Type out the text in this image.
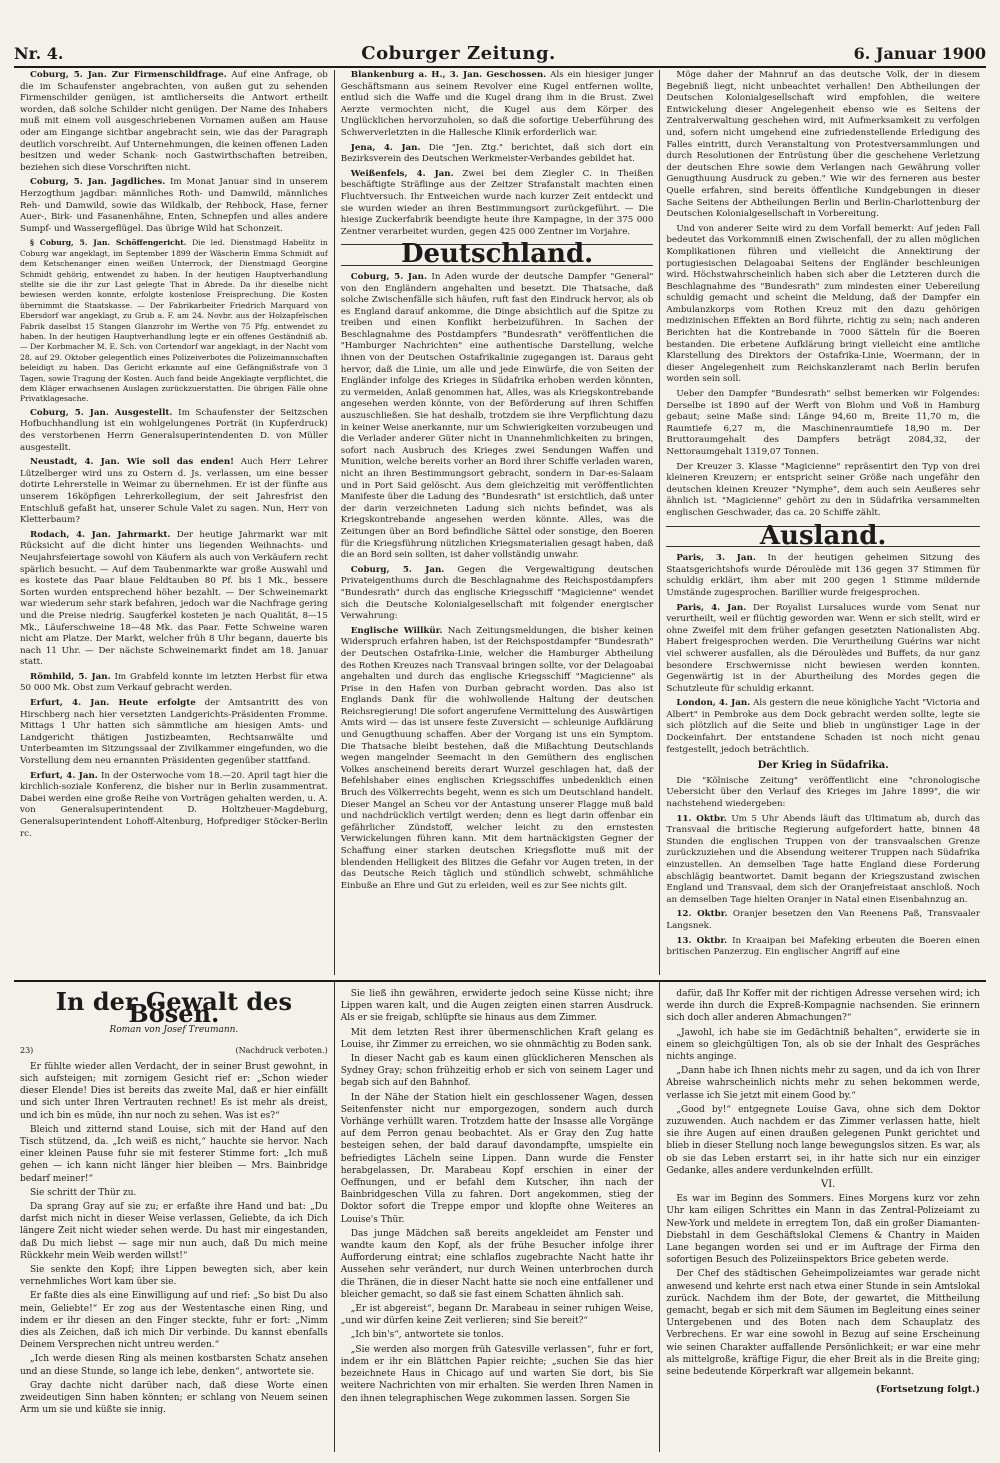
Nr. 4.	Coburger Zeitung.	6. Januar 1900

Coburg, 5. Jan. Zur Firmenschildfrage. Auf eine Anfrage, ob die im Schaufenster angebrachten, von außen gut zu sehenden Firmenschilder genügen, ist amtlicherseits die Antwort ertheilt worden, daß solche Schilder nicht genügen. Der Name des Inhabers muß mit einem voll ausgeschriebenen Vornamen außen am Hause oder am Eingange sichtbar angebracht sein, wie das der Paragraph deutlich vorschreibt. Auf Unternehmungen, die keinen offenen Laden besitzen und weder Schank- noch Gastwirthschaften betreiben, beziehen sich diese Vorschriften nicht.

Coburg, 5. Jan. Jagdliches. Im Monat Januar sind in unserem Herzogthum jagdbar: männliches Roth- und Damwild, männliches Reh- und Damwild, sowie das Wildkalb, der Rehbock, Hase, ferner Auer-, Birk- und Fasanenhähne, Enten, Schnepfen und alles andere Sumpf- und Wassergeflügel. Das übrige Wild hat Schonzeit.

§ Coburg, 5. Jan. Schöffengericht. Die led. Dienstmagd Habelitz in Coburg war angeklagt, im September 1899 der Wäscherin Emma Schmidt auf dem Ketschenanger einen weißen Unterrock, der Dienstmagd Georgine Schmidt gehörig, entwendet zu haben. In der heutigen Hauptverhandlung stellte sie die ihr zur Last gelegte That in Abrede. Da ihr dieselbe nicht bewiesen werden konnte, erfolgte kostenlose Freisprechung. Die Kosten übernimmt die Staatskasse. — Der Fabrikarbeiter Friedrich Marquard von Ebersdorf war angeklagt, zu Grub a. F. am 24. Novbr. aus der Holzapfelschen Fabrik daselbst 15 Stangen Glanzrohr im Werthe von 75 Pfg. entwendet zu haben. In der heutigen Hauptverhandlung legte er ein offenes Geständniß ab. — Der Korbmacher M. E. Sch. von Cortendorf war angeklagt, in der Nacht vom 28. auf 29. Oktober gelegentlich eines Polizeiverbotes die Polizeimannschaften beleidigt zu haben. Das Gericht erkannte auf eine Gefängnißstrafe von 3 Tagen, sowie Tragung der Kosten. Auch fand beide Angeklagte verpflichtet, die dem Kläger erwachsenen Auslagen zurückzuerstatten. Die übrigen Fälle ohne Privatklagesache.

Coburg, 5. Jan. Ausgestellt. Im Schaufenster der Seitzschen Hofbuchhandlung ist ein wohlgelungenes Porträt (in Kupferdruck) des verstorbenen Herrn Generalsuperintendenten D. von Müller ausgestellt.

Neustadt, 4. Jan. Wie soll das enden! Auch Herr Lehrer Lützelberger wird uns zu Ostern d. Js. verlassen, um eine besser dotirte Lehrerstelle in Weimar zu übernehmen. Er ist der fünfte aus unserem 16köpfigen Lehrerkollegium, der seit Jahresfrist den Entschluß gefaßt hat, unserer Schule Valet zu sagen. Nun, Herr von Kletterbaum?

Rodach, 4. Jan. Jahrmarkt. Der heutige Jahrmarkt war mit Rücksicht auf die dicht hinter uns liegenden Weihnachts- und Neujahrsfeiertage sowohl von Käufern als auch von Verkäufern recht spärlich besucht. — Auf dem Taubenmarkte war große Auswahl und es kostete das Paar blaue Feldtauben 80 Pf. bis 1 Mk., bessere Sorten wurden entsprechend höher bezahlt. — Der Schweinemarkt war wiederum sehr stark befahren, jedoch war die Nachfrage gering und die Preise niedrig. Saugferkel kosteten je nach Qualität, 8—15 Mk., Läuferschweine 18—48 Mk. das Paar. Fette Schweine waren nicht am Platze. Der Markt, welcher früh 8 Uhr begann, dauerte bis nach 11 Uhr. — Der nächste Schweinemarkt findet am 18. Januar statt.

Römhild, 5. Jan. Im Grabfeld konnte im letzten Herbst für etwa 50 000 Mk. Obst zum Verkauf gebracht werden.

Erfurt, 4. Jan. Heute erfolgte der Amtsantritt des von Hirschberg nach hier versetzten Landgerichts-Präsidenten Fromme. Mittags 1 Uhr hatten sich sämmtliche am hiesigen Amts- und Landgericht thätigen Justizbeamten, Rechtsanwälte und Unterbeamten im Sitzungssaal der Zivilkammer eingefunden, wo die Vorstellung dem neu ernannten Präsidenten gegenüber stattfand.

Erfurt, 4. Jan. In der Osterwoche vom 18.—20. April tagt hier die kirchlich-soziale Konferenz, die bisher nur in Berlin zusammentrat. Dabei werden eine große Reihe von Vorträgen gehalten werden, u. A. von Generalsuperintendent D. Holtzheuer-Magdeburg, Generalsuperintendent Lohoff-Altenburg, Hofprediger Stöcker-Berlin rc.

Blankenburg a. H., 3. Jan. Geschossen. Als ein hiesiger junger Geschäftsmann aus seinem Revolver eine Kugel entfernen wollte, entlud sich die Waffe und die Kugel drang ihm in die Brust. Zwei Aerzte vermochten nicht, die Kugel aus dem Körper des Unglücklichen hervorzuholen, so daß die sofortige Ueberführung des Schwerverletzten in die Hallesche Klinik erforderlich war.

Jena, 4. Jan. Die "Jen. Ztg." berichtet, daß sich dort ein Bezirksverein des Deutschen Werkmeister-Verbandes gebildet hat.

Weißenfels, 4. Jan. Zwei bei dem Ziegler C. in Theißen beschäftigte Sträflinge aus der Zeitzer Strafanstalt machten einen Fluchtversuch. Ihr Entweichen wurde nach kurzer Zeit entdeckt und sie wurden wieder an ihren Bestimmungsort zurückgeführt. — Die hiesige Zuckerfabrik beendigte heute ihre Kampagne, in der 375 000 Zentner verarbeitet wurden, gegen 425 000 Zentner im Vorjahre.

Deutschland.

Coburg, 5. Jan. In Aden wurde der deutsche Dampfer "General" von den Engländern angehalten und besetzt. Die Thatsache, daß solche Zwischenfälle sich häufen, ruft fast den Eindruck hervor, als ob es England darauf ankomme, die Dinge absichtlich auf die Spitze zu treiben und einen Konflikt herbeizuführen. In Sachen der Beschlagnahme des Postdampfers "Bundesrath" veröffentlichen die "Hamburger Nachrichten" eine authentische Darstellung, welche ihnen von der Deutschen Ostafrikalinie zugegangen ist. Daraus geht hervor, daß die Linie, um alle und jede Einwürfe, die von Seiten der Engländer infolge des Krieges in Südafrika erhoben werden könnten, zu vermeiden, Anlaß genommen hat, Alles, was als Kriegskontrebande angesehen werden könnte, von der Beförderung auf ihren Schiffen auszuschließen. Sie hat deshalb, trotzdem sie ihre Verpflichtung dazu in keiner Weise anerkannte, nur um Schwierigkeiten vorzubeugen und die Verlader anderer Güter nicht in Unannehmlichkeiten zu bringen, sofort nach Ausbruch des Krieges zwei Sendungen Waffen und Munition, welche bereits vorher an Bord ihrer Schiffe verladen waren, nicht an ihren Bestimmungsort gebracht, sondern in Dar-es-Salaam und in Port Said gelöscht. Aus dem gleichzeitig mit veröffentlichten Manifeste über die Ladung des "Bundesrath" ist ersichtlich, daß unter der darin verzeichneten Ladung sich nichts befindet, was als Kriegskontrebande angesehen werden könnte. Alles, was die Zeitungen über an Bord befindliche Sättel oder sonstige, den Boeren für die Kriegsführung nützlichen Kriegsmaterialien gesagt haben, daß die an Bord sein sollten, ist daher vollständig unwahr.

Coburg, 5. Jan. Gegen die Vergewaltigung deutschen Privateigenthums durch die Beschlagnahme des Reichspostdampfers "Bundesrath" durch das englische Kriegsschiff "Magicienne" wendet sich die Deutsche Kolonialgesellschaft mit folgender energischer Verwahrung:

Englische Willkür. Nach Zeitungsmeldungen, die bisher keinen Widerspruch erfahren haben, ist der Reichspostdampfer "Bundesrath" der Deutschen Ostafrika-Linie, welcher die Hamburger Abtheilung des Rothen Kreuzes nach Transvaal bringen sollte, vor der Delagoabai angehalten und durch das englische Kriegsschiff "Magicienne" als Prise in den Hafen von Durban gebracht worden. Das also ist Englands Dank für die wohlwollende Haltung der deutschen Reichsregierung! Die sofort angerufene Vermittelung des Auswärtigen Amts wird — das ist unsere feste Zuversicht — schleunige Aufklärung und Genugthuung schaffen. Aber der Vorgang ist uns ein Symptom. Die Thatsache bleibt bestehen, daß die Mißachtung Deutschlands wegen mangelnder Seemacht in den Gemüthern des englischen Volkes anscheinend bereits derart Wurzel geschlagen hat, daß der Befehlshaber eines englischen Kriegsschiffes unbedenklich einen Bruch des Völkerrechts begeht, wenn es sich um Deutschland handelt. Dieser Mangel an Scheu vor der Antastung unserer Flagge muß bald und nachdrücklich vertilgt werden; denn es liegt darin offenbar ein gefährlicher Zündstoff, welcher leicht zu den ernstesten Verwickelungen führen kann. Mit dem hartnäckigsten Gegner der Schaffung einer starken deutschen Kriegsflotte muß mit der blendenden Helligkeit des Blitzes die Gefahr vor Augen treten, in der das Deutsche Reich täglich und stündlich schwebt, schmähliche Einbuße an Ehre und Gut zu erleiden, weil es zur See nichts gilt.

Möge daher der Mahnruf an das deutsche Volk, der in diesem Begebniß liegt, nicht unbeachtet verhallen! Den Abtheilungen der Deutschen Kolonialgesellschaft wird empfohlen, die weitere Entwickelung dieser Angelegenheit ebenso wie es Seitens der Zentralverwaltung geschehen wird, mit Aufmerksamkeit zu verfolgen und, sofern nicht umgehend eine zufriedenstellende Erledigung des Falles eintritt, durch Veranstaltung von Protestversammlungen und durch Resolutionen der Entrüstung über die geschehene Verletzung der deutschen Ehre sowie dem Verlangen nach Gewährung voller Genugthuung Ausdruck zu geben." Wie wir des ferneren aus bester Quelle erfahren, sind bereits öffentliche Kundgebungen in dieser Sache Seitens der Abtheilungen Berlin und Berlin-Charlottenburg der Deutschen Kolonialgesellschaft in Vorbereitung.

Und von anderer Seite wird zu dem Vorfall bemerkt: Auf jeden Fall bedeutet das Vorkommniß einen Zwischenfall, der zu allen möglichen Komplikationen führen und vielleicht die Annektirung der portugiesischen Delagoabai Seitens der Engländer beschleunigen wird. Höchstwahrscheinlich haben sich aber die Letzteren durch die Beschlagnahme des "Bundesrath" zum mindesten einer Uebereilung schuldig gemacht und scheint die Meldung, daß der Dampfer ein Ambulanzkorps vom Rothen Kreuz mit den dazu gehörigen medizinischen Effekten an Bord führte, richtig zu sein; nach anderen Berichten hat die Kontrebande in 7000 Sätteln für die Boeren bestanden. Die erbetene Aufklärung bringt vielleicht eine amtliche Klarstellung des Direktors der Ostafrika-Linie, Woermann, der in dieser Angelegenheit zum Reichskanzleramt nach Berlin berufen worden sein soll.

Ueber den Dampfer "Bundesrath" selbst bemerken wir Folgendes: Derselbe ist 1890 auf der Werft von Blohm und Voß in Hamburg gebaut; seine Maße sind: Länge 94,60 m, Breite 11,70 m, die Raumtiefe 6,27 m, die Maschinenraumtiefe 18,90 m. Der Bruttoraumgehalt des Dampfers beträgt 2084,32, der Nettoraumgehalt 1319,07 Tonnen.

Der Kreuzer 3. Klasse "Magicienne" repräsentirt den Typ von drei kleineren Kreuzern; er entspricht seiner Größe nach ungefähr den deutschen kleinen Kreuzer "Nymphe", dem auch sein Aeußeres sehr ähnlich ist. "Magicienne" gehört zu den in Südafrika versammelten englischen Geschwader, das ca. 20 Schiffe zählt.

Ausland.

Paris, 3. Jan. In der heutigen geheimen Sitzung des Staatsgerichtshofs wurde Déroulède mit 136 gegen 37 Stimmen für schuldig erklärt, ihm aber mit 200 gegen 1 Stimme mildernde Umstände zugesprochen. Barillier wurde freigesprochen.

Paris, 4. Jan. Der Royalist Lursaluces wurde vom Senat nur verurtheilt, weil er flüchtig geworden war. Wenn er sich stellt, wird er ohne Zweifel mit dem früher gefangen gesetzten Nationalisten Abg. Habert freigesprochen werden. Die Verurtheilung Guérins war nicht viel schwerer ausfallen, als die Déroulèdes und Buffets, da nur ganz besondere Erschwernisse nicht bewiesen werden konnten. Gegenwärtig ist in der Aburtheilung des Mordes gegen die Schutzleute für schuldig erkannt.

London, 4. Jan. Als gestern die neue königliche Yacht "Victoria and Albert" in Pembroke aus dem Dock gebracht werden sollte, legte sie sich plötzlich auf die Seite und blieb in ungünstiger Lage in der Dockeinfahrt. Der entstandene Schaden ist noch nicht genau festgestellt, jedoch beträchtlich.

Der Krieg in Südafrika.

Die "Kölnische Zeitung" veröffentlicht eine "chronologische Uebersicht über den Verlauf des Krieges im Jahre 1899", die wir nachstehend wiedergeben:

11. Oktbr. Um 5 Uhr Abends läuft das Ultimatum ab, durch das Transvaal die britische Regierung aufgefordert hatte, binnen 48 Stunden die englischen Truppen von der transvaalschen Grenze zurückzuziehen und die Absendung weiterer Truppen nach Südafrika einzustellen. An demselben Tage hatte England diese Forderung abschlägig beantwortet. Damit begann der Kriegszustand zwischen England und Transvaal, dem sich der Oranjefreistaat anschloß. Noch an demselben Tage hielten Oranjer in Natal einen Eisenbahnzug an.

12. Oktbr. Oranjer besetzen den Van Reenens Paß, Transvaaler Langsnek.

13. Oktbr. In Kraaipan bei Mafeking erbeuten die Boeren einen britischen Panzerzug. Ein englischer Angriff auf eine

In der Gewalt des Bösen.
Roman von Josef Treumann.
23)	(Nachdruck verboten.)

Er fühlte wieder allen Verdacht, der in seiner Brust gewohnt, in sich aufsteigen; mit zornigem Gesicht rief er: „Schon wieder dieser Elende! Dies ist bereits das zweite Mal, daß er hier einfällt und sich unter Ihren Vertrauten rechnet! Es ist mehr als dreist, und ich bin es müde, ihn nur noch zu sehen. Was ist es?“

Bleich und zitternd stand Louise, sich mit der Hand auf den Tisch stützend, da. „Ich weiß es nicht,“ hauchte sie hervor. Nach einer kleinen Pause fuhr sie mit festerer Stimme fort: „Ich muß gehen — ich kann nicht länger hier bleiben — Mrs. Bainbridge bedarf meiner!“

Sie schritt der Thür zu.

Da sprang Gray auf sie zu; er erfaßte ihre Hand und bat: „Du darfst mich nicht in dieser Weise verlassen, Geliebte, da ich Dich längere Zeit nicht wieder sehen werde. Du hast mir eingestanden, daß Du mich liebst — sage mir nun auch, daß Du mich meine Rückkehr mein Weib werden willst!“

Sie senkte den Kopf; ihre Lippen bewegten sich, aber kein vernehmliches Wort kam über sie.

Er faßte dies als eine Einwilligung auf und rief: „So bist Du also mein, Geliebte!“ Er zog aus der Westentasche einen Ring, und indem er ihr diesen an den Finger steckte, fuhr er fort: „Nimm dies als Zeichen, daß ich mich Dir verbinde. Du kannst ebenfalls Deinem Versprechen nicht untreu werden.“

„Ich werde diesen Ring als meinen kostbarsten Schatz ansehen und an diese Stunde, so lange ich lebe, denken“, antwortete sie.

Gray dachte nicht darüber nach, daß diese Worte einen zweideutigen Sinn haben könnten; er schlang von Neuem seinen Arm um sie und küßte sie innig.

Sie ließ ihn gewähren, erwiderte jedoch seine Küsse nicht; ihre Lippen waren kalt, und die Augen zeigten einen starren Ausdruck. Als er sie freigab, schlüpfte sie hinaus aus dem Zimmer.

Mit dem letzten Rest ihrer übermenschlichen Kraft gelang es Louise, ihr Zimmer zu erreichen, wo sie ohnmächtig zu Boden sank.

In dieser Nacht gab es kaum einen glücklicheren Menschen als Sydney Gray; schon frühzeitig erhob er sich von seinem Lager und begab sich auf den Bahnhof.

In der Nähe der Station hielt ein geschlossener Wagen, dessen Seitenfenster nicht nur emporgezogen, sondern auch durch Vorhänge verhüllt waren. Trotzdem hatte der Insasse alle Vorgänge auf dem Perron genau beobachtet. Als er Gray den Zug hatte besteigen sehen, der bald darauf davondampfte, umspielte ein befriedigtes Lächeln seine Lippen. Dann wurde die Fenster herabgelassen, Dr. Marabeau Kopf erschien in einer der Oeffnungen, und er befahl dem Kutscher, ihn nach der Bainbridgeschen Villa zu fahren. Dort angekommen, stieg der Doktor sofort die Treppe empor und klopfte ohne Weiteres an Louise's Thür.

Das junge Mädchen saß bereits angekleidet am Fenster und wandte kaum den Kopf, als der frühe Besucher infolge ihrer Aufforderung eintrat; eine schlaflos zugebrachte Nacht hatte ihr Aussehen sehr verändert, nur durch Weinen unterbrochen durch die Thränen, die in dieser Nacht hatte sie noch eine entfallener und bleicher gemacht, so daß sie fast einem Schatten ähnlich sah.

„Er ist abgereist“, begann Dr. Marabeau in seiner ruhigen Weise, „und wir dürfen keine Zeit verlieren; sind Sie bereit?“

„Ich bin's“, antwortete sie tonlos.

„Sie werden also morgen früh Gatesville verlassen“, fuhr er fort, indem er ihr ein Blättchen Papier reichte; „suchen Sie das hier bezeichnete Haus in Chicago auf und warten Sie dort, bis Sie weitere Nachrichten von mir erhalten. Sie werden Ihren Namen in den ihnen telegraphischen Wege zukommen lassen. Sorgen Sie

dafür, daß Ihr Koffer mit der richtigen Adresse versehen wird; ich werde ihn durch die Expreß-Kompagnie nachsenden. Sie erinnern sich doch aller anderen Abmachungen?“

„Jawohl, ich habe sie im Gedächtniß behalten“, erwiderte sie in einem so gleichgültigen Ton, als ob sie der Inhalt des Gespräches nichts anginge.

„Dann habe ich Ihnen nichts mehr zu sagen, und da ich von Ihrer Abreise wahrscheinlich nichts mehr zu sehen bekommen werde, verlasse ich Sie jetzt mit einem Good by.“

„Good by!“ entgegnete Louise Gava, ohne sich dem Doktor zuzuwenden. Auch nachdem er das Zimmer verlassen hatte, hielt sie ihre Augen auf einen draußen gelegenen Punkt gerichtet und blieb in dieser Stellung noch lange bewegungslos sitzen. Es war, als ob sie das Leben erstarrt sei, in ihr hatte sich nur ein einziger Gedanke, alles andere verdunkelnden erfüllt.

VI.

Es war im Beginn des Sommers. Eines Morgens kurz vor zehn Uhr kam eiligen Schrittes ein Mann in das Zentral-Polizeiamt zu New-York und meldete in erregtem Ton, daß ein großer Diamanten-Diebstahl in dem Geschäftslokal Clemens & Chantry in Maiden Lane begangen worden sei und er im Auftrage der Firma den sofortigen Besuch des Polizeiinspektors Brice gebeten werde.

Der Chef des städtischen Geheimpolizeiamtes war gerade nicht anwesend und kehrte erst nach etwa einer Stunde in sein Amtslokal zurück. Nachdem ihm der Bote, der gewartet, die Mittheilung gemacht, begab er sich mit dem Säumen im Begleitung eines seiner Untergebenen und des Boten nach dem Schauplatz des Verbrechens. Er war eine sowohl in Bezug auf seine Erscheinung wie seinen Charakter auffallende Persönlichkeit; er war eine mehr als mittelgroße, kräftige Figur, die eher Breit als in die Breite ging; seine bedeutende Körperkraft war allgemein bekannt.

(Fortsetzung folgt.)
